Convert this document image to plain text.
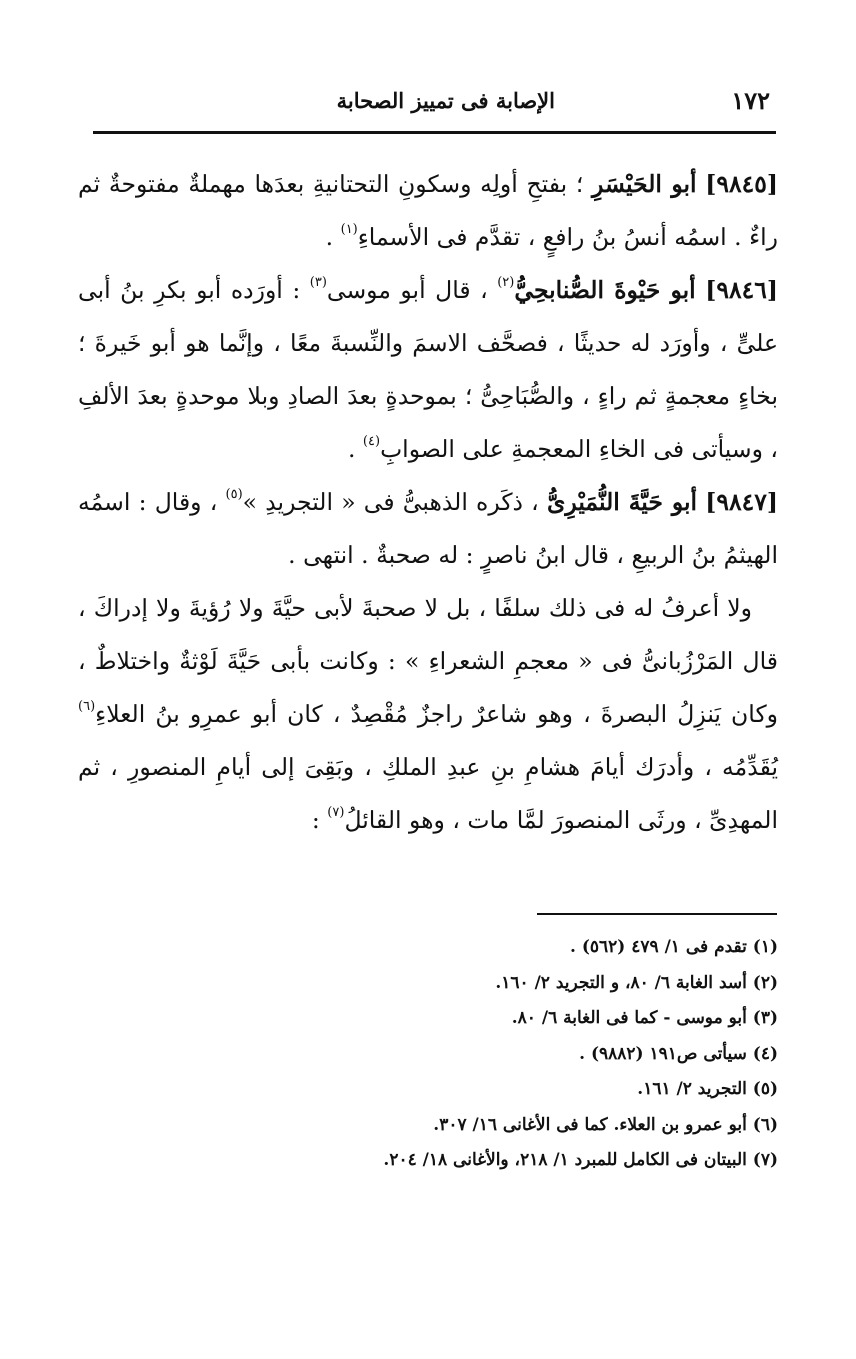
١٧٢
الإصابة فى تمييز الصحابة

[٩٨٤٥] أبو الحَيْسَرِ ؛ بفتحِ أولِه وسكونِ التحتانيةِ بعدَها مهملةٌ مفتوحةٌ ثم راءٌ . اسمُه أنسُ بنُ رافعٍ ، تقدَّم فى الأسماءِ$^{(١)}$ .

[٩٨٤٦] أبو حَيْوةَ الصُّنابحِيُّ$^{(٢)}$ ، قال أبو موسى$^{(٣)}$ : أورَده أبو بكرِ بنُ أبى علىٍّ ، وأورَد له حديثًا ، فصحَّف الاسمَ والنِّسبةَ معًا ، وإنَّما هو أبو خَيرةَ ؛ بخاءٍ معجمةٍ ثم راءٍ ، والصُّبَاحِىُّ ؛ بموحدةٍ بعدَ الصادِ وبلا موحدةٍ بعدَ الألفِ ، وسيأتى فى الخاءِ المعجمةِ على الصوابِ$^{(٤)}$ .

[٩٨٤٧] أبو حَيَّةَ النُّمَيْرِىُّ ، ذكَره الذهبىُّ فى « التجريدِ »$^{(٥)}$ ، وقال : اسمُه الهيثمُ بنُ الربيعِ ، قال ابنُ ناصرٍ : له صحبةٌ . انتهى .

ولا أعرفُ له فى ذلك سلفًا ، بل لا صحبةَ لأبى حيَّةَ ولا رُؤيةَ ولا إدراكَ ، قال المَرْزُبانىُّ فى « معجمِ الشعراءِ » : وكانت بأبى حَيَّةَ لَوْثةٌ واختلاطٌ ، وكان يَنزِلُ البصرةَ ، وهو شاعرٌ راجزٌ مُقْصِدٌ ، كان أبو عمرِو بنُ العلاءِ$^{(٦)}$ يُقَدِّمُه ، وأدرَك أيامَ هشامِ بنِ عبدِ الملكِ ، وبَقِىَ إلى أيامِ المنصورِ ، ثم المهدِىِّ ، ورثَى المنصورَ لمَّا مات ، وهو القائلُ$^{(٧)}$ :

(١) تقدم فى ١/ ٤٧٩ (٥٦٢) .

(٢) أسد الغابة ٦/ ٨٠، و التجريد ٢/ ١٦٠.

(٣) أبو موسى - كما فى الغابة ٦/ ٨٠.

(٤) سيأتى ص١٩١ (٩٨٨٢) .

(٥) التجريد ٢/ ١٦١.

(٦) أبو عمرو بن العلاء. كما فى الأغانى ١٦/ ٣٠٧.

(٧) البيتان فى الكامل للمبرد ١/ ٢١٨، والأغانى ١٨/ ٢٠٤.
